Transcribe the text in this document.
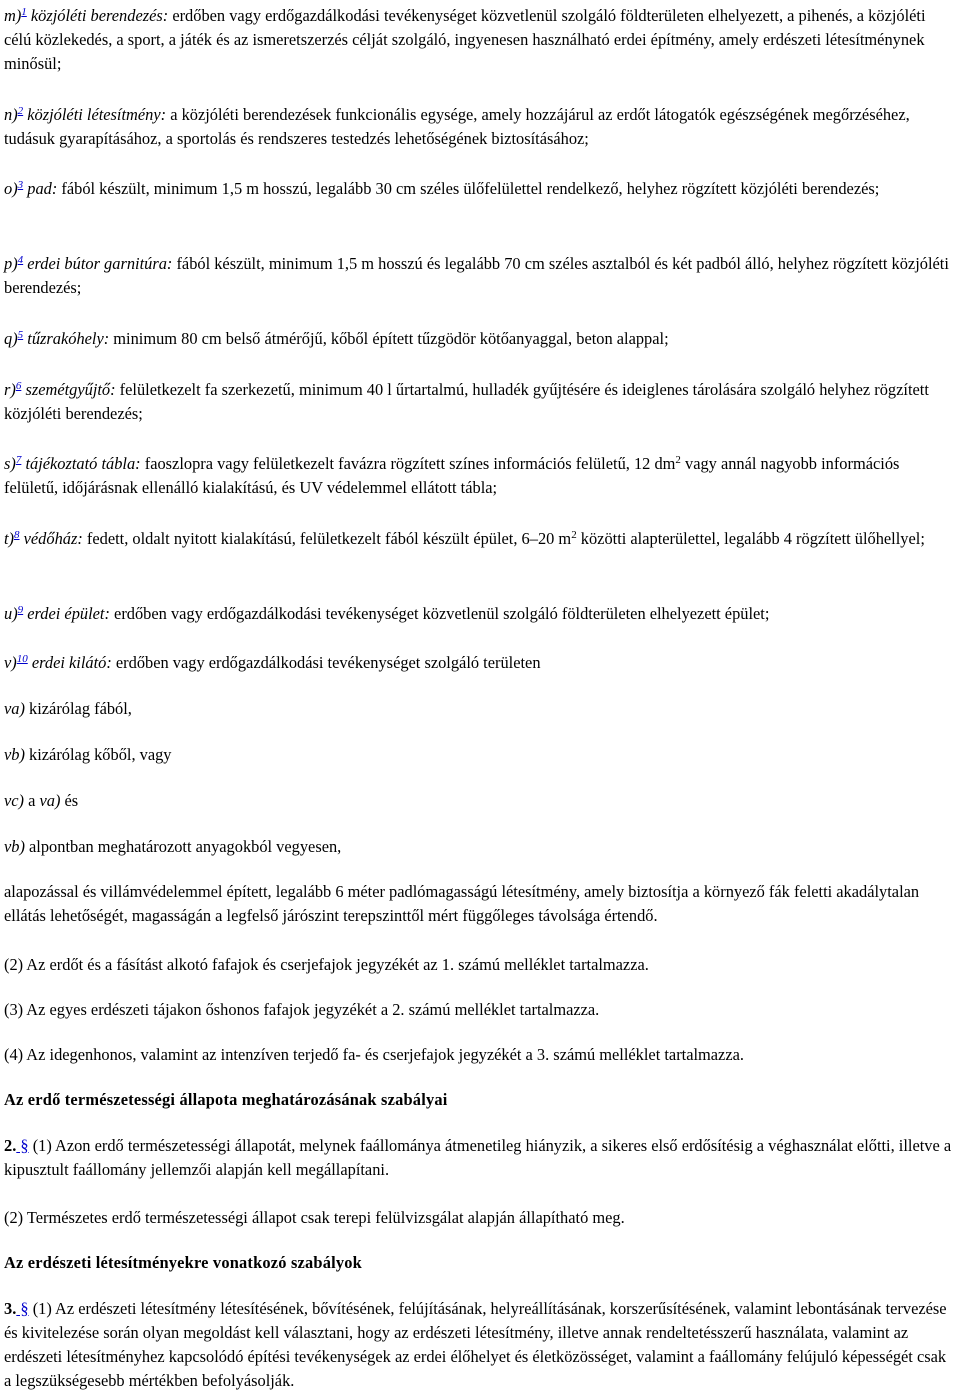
m)$^1$ közjóléti berendezés: erdőben vagy erdőgazdálkodási tevékenységet közvetlenül szolgáló földterületen elhelyezett, a pihenés, a közjóléti célú közlekedés, a sport, a játék és az ismeretszerzés célját szolgáló, ingyenesen használható erdei építmény, amely erdészeti létesítménynek minősül;

n)$^2$ közjóléti létesítmény: a közjóléti berendezések funkcionális egysége, amely hozzájárul az erdőt látogatók egészségének megőrzéséhez, tudásuk gyarapításához, a sportolás és rendszeres testedzés lehetőségének biztosításához;

o)$^3$ pad: fából készült, minimum 1,5 m hosszú, legalább 30 cm széles ülőfelülettel rendelkező, helyhez rögzített közjóléti berendezés;

p)$^4$ erdei bútor garnitúra: fából készült, minimum 1,5 m hosszú és legalább 70 cm széles asztalból és két padból álló, helyhez rögzített közjóléti berendezés;

q)$^5$ tűzrakóhely: minimum 80 cm belső átmérőjű, kőből épített tűzgödör kötőanyaggal, beton alappal;

r)$^6$ szemétgyűjtő: felületkezelt fa szerkezetű, minimum 40 l űrtartalmú, hulladék gyűjtésére és ideiglenes tárolására szolgáló helyhez rögzített közjóléti berendezés;

s)$^7$ tájékoztató tábla: faoszlopra vagy felületkezelt favázra rögzített színes információs felületű, 12 $dm^2$ vagy annál nagyobb információs felületű, időjárásnak ellenálló kialakítású, és UV védelemmel ellátott tábla;

t)$^8$ védőház: fedett, oldalt nyitott kialakítású, felületkezelt fából készült épület, 6–20 $m^2$ közötti alapterülettel, legalább 4 rögzített ülőhellyel;

u)$^9$ erdei épület: erdőben vagy erdőgazdálkodási tevékenységet közvetlenül szolgáló földterületen elhelyezett épület;

v)$^{10}$ erdei kilátó: erdőben vagy erdőgazdálkodási tevékenységet szolgáló területen

va) kizárólag fából,

vb) kizárólag kőből, vagy

vc) a va) és

vb) alpontban meghatározott anyagokból vegyesen,

alapozással és villámvédelemmel épített, legalább 6 méter padlómagasságú létesítmény, amely biztosítja a környező fák feletti akadálytalan ellátás lehetőségét, magasságán a legfelső járószint terepszinttől mért függőleges távolsága értendő.

(2) Az erdőt és a fásítást alkotó fafajok és cserjefajok jegyzékét az 1. számú melléklet tartalmazza.

(3) Az egyes erdészeti tájakon őshonos fafajok jegyzékét a 2. számú melléklet tartalmazza.

(4) Az idegenhonos, valamint az intenzíven terjedő fa- és cserjefajok jegyzékét a 3. számú melléklet tartalmazza.

Az erdő természetességi állapota meghatározásának szabályai

2. § (1) Azon erdő természetességi állapotát, melynek faállománya átmenetileg hiányzik, a sikeres első erdősítésig a véghasználat előtti, illetve a kipusztult faállomány jellemzői alapján kell megállapítani.

(2) Természetes erdő természetességi állapot csak terepi felülvizsgálat alapján állapítható meg.

Az erdészeti létesítményekre vonatkozó szabályok

3. § (1) Az erdészeti létesítmény létesítésének, bővítésének, felújításának, helyreállításának, korszerűsítésének, valamint lebontásának tervezése és kivitelezése során olyan megoldást kell választani, hogy az erdészeti létesítmény, illetve annak rendeltetésszerű használata, valamint az erdészeti létesítményhez kapcsolódó építési tevékenységek az erdei élőhelyet és életközösséget, valamint a faállomány felújuló képességét csak a legszükségesebb mértékben befolyásolják.
